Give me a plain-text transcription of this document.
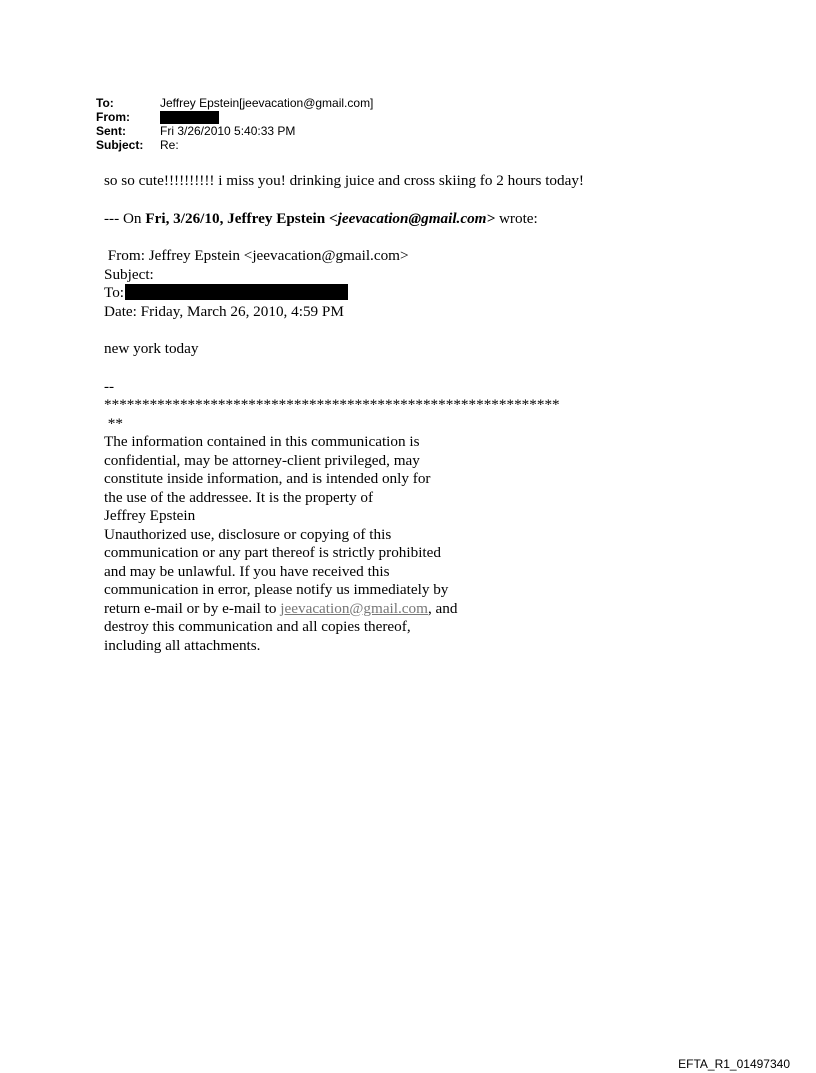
To:	Jeffrey Epstein[jeevacation@gmail.com]
From:
Sent:	Fri 3/26/2010 5:40:33 PM
Subject:	Re:
so so cute!!!!!!!!!! i miss you! drinking juice and cross skiing fo 2 hours today!
--- On Fri, 3/26/10, Jeffrey Epstein <jeevacation@gmail.com> wrote:
From: Jeffrey Epstein <jeevacation@gmail.com>
Subject:
To:
Date: Friday, March 26, 2010, 4:59 PM
new york today
--
************************************************************
**
The information contained in this communication is
confidential, may be attorney-client privileged, may
constitute inside information, and is intended only for
the use of the addressee. It is the property of
Jeffrey Epstein
Unauthorized use, disclosure or copying of this
communication or any part thereof is strictly prohibited
and may be unlawful. If you have received this
communication in error, please notify us immediately by
return e-mail or by e-mail to jeevacation@gmail.com, and
destroy this communication and all copies thereof,
including all attachments.
EFTA_R1_01497340
